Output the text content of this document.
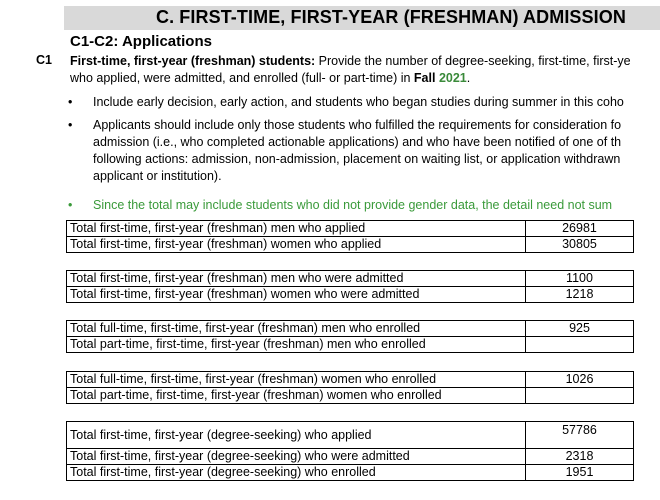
C. FIRST-TIME, FIRST-YEAR (FRESHMAN) ADMISSION
C1-C2: Applications
C1 First-time, first-year (freshman) students: Provide the number of degree-seeking, first-time, first-ye
who applied, were admitted, and enrolled (full- or part-time) in Fall 2021.
• Include early decision, early action, and students who began studies during summer in this coho
• Applicants should include only those students who fulfilled the requirements for consideration fo
admission (i.e., who completed actionable applications) and who have been notified of one of th
following actions: admission, non-admission, placement on waiting list, or application withdrawn
applicant or institution).
• Since the total may include students who did not provide gender data, the detail need not sum
Total first-time, first-year (freshman) men who applied	26981
Total first-time, first-year (freshman) women who applied	30805
Total first-time, first-year (freshman) men who were admitted	1100
Total first-time, first-year (freshman) women who were admitted	1218
Total full-time, first-time, first-year (freshman) men who enrolled	925
Total part-time, first-time, first-year (freshman) men who enrolled	
Total full-time, first-time, first-year (freshman) women who enrolled	1026
Total part-time, first-time, first-year (freshman) women who enrolled	
Total first-time, first-year (degree-seeking) who applied	57786
Total first-time, first-year (degree-seeking) who were admitted	2318
Total first-time, first-year (degree-seeking) who enrolled	1951
